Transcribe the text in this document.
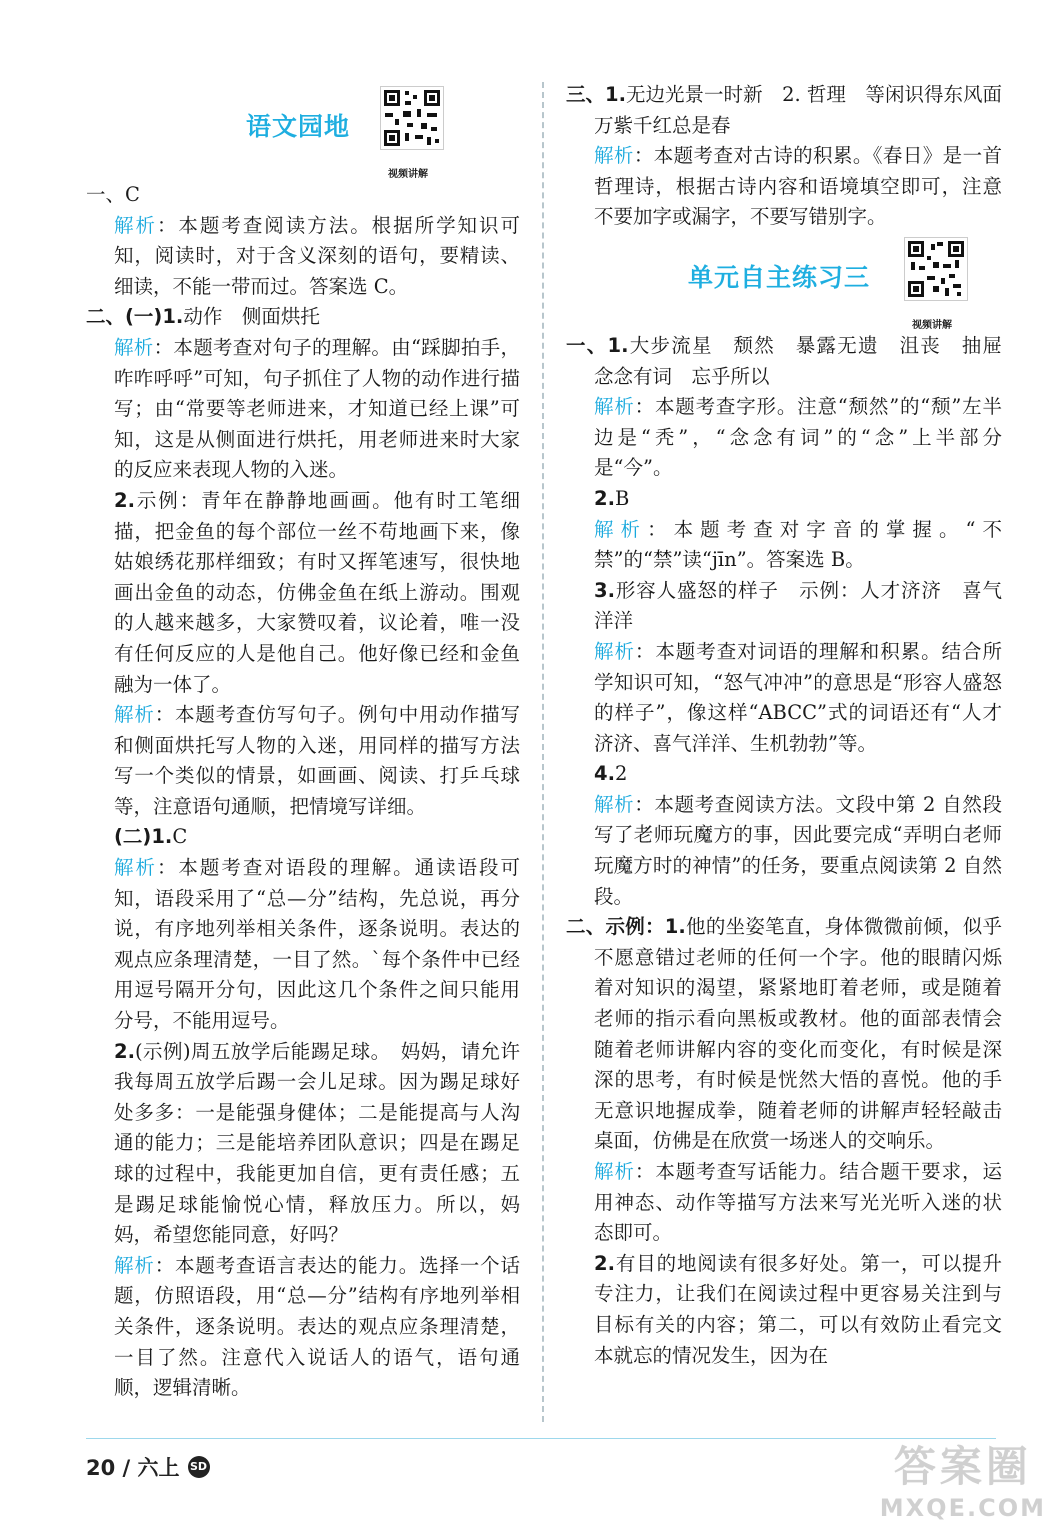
语文园地
视频讲解

一、C

解析：本题考查阅读方法。根据所学知识可知，阅读时，对于含义深刻的语句，要精读、细读，不能一带而过。答案选 C。

二、(一)1.动作　侧面烘托

解析：本题考查对句子的理解。由“踩脚拍手，咋咋呼呼”可知，句子抓住了人物的动作进行描写；由“常要等老师进来，才知道已经上课”可知，这是从侧面进行烘托，用老师进来时大家的反应来表现人物的入迷。

2.示例：青年在静静地画画。他有时工笔细描，把金鱼的每个部位一丝不苟地画下来，像姑娘绣花那样细致；有时又挥笔速写，很快地画出金鱼的动态，仿佛金鱼在纸上游动。围观的人越来越多，大家赞叹着，议论着，唯一没有任何反应的人是他自己。他好像已经和金鱼融为一体了。

解析：本题考查仿写句子。例句中用动作描写和侧面烘托写人物的入迷，用同样的描写方法写一个类似的情景，如画画、阅读、打乒乓球等，注意语句通顺，把情境写详细。

(二)1.C

解析：本题考查对语段的理解。通读语段可知，语段采用了“总—分”结构，先总说，再分说，有序地列举相关条件，逐条说明。表达的观点应条理清楚，一目了然。`每个条件中已经用逗号隔开分句，因此这几个条件之间只能用分号，不能用逗号。

2.(示例)周五放学后能踢足球。　妈妈，请允许我每周五放学后踢一会儿足球。因为踢足球好处多多：一是能强身健体；二是能提高与人沟通的能力；三是能培养团队意识；四是在踢足球的过程中，我能更加自信，更有责任感；五是踢足球能愉悦心情，释放压力。所以，妈妈，希望您能同意，好吗？

解析：本题考查语言表达的能力。选择一个话题，仿照语段，用“总—分”结构有序地列举相关条件，逐条说明。表达的观点应条理清楚，一目了然。注意代入说话人的语气，语句通顺，逻辑清晰。

三、1.无边光景一时新　2. 哲理　等闲识得东风面　万紫千红总是春

解析：本题考查对古诗的积累。《春日》是一首哲理诗，根据古诗内容和语境填空即可，注意不要加字或漏字，不要写错别字。

单元自主练习三
视频讲解

一、1.大步流星　颓然　暴露无遗　沮丧　抽屉　念念有词　忘乎所以

解析：本题考查字形。注意“颓然”的“颓”左半边是“秃”，“念念有词”的“念”上半部分是“今”。

2.B

解析：本题考查对字音的掌握。“不禁”的“禁”读“jīn”。答案选 B。

3.形容人盛怒的样子　示例：人才济济　喜气洋洋

解析：本题考查对词语的理解和积累。结合所学知识可知，“怒气冲冲”的意思是“形容人盛怒的样子”，像这样“ABCC”式的词语还有“人才济济、喜气洋洋、生机勃勃”等。

4.2

解析：本题考查阅读方法。文段中第 2 自然段写了老师玩魔方的事，因此要完成“弄明白老师玩魔方时的神情”的任务，要重点阅读第 2 自然段。

二、示例：1.他的坐姿笔直，身体微微前倾，似乎不愿意错过老师的任何一个字。他的眼睛闪烁着对知识的渴望，紧紧地盯着老师，或是随着老师的指示看向黑板或教材。他的面部表情会随着老师讲解内容的变化而变化，有时候是深深的思考，有时候是恍然大悟的喜悦。他的手无意识地握成拳，随着老师的讲解声轻轻敲击桌面，仿佛是在欣赏一场迷人的交响乐。

解析：本题考查写话能力。结合题干要求，运用神态、动作等描写方法来写光光听入迷的状态即可。

2.有目的地阅读有很多好处。第一，可以提升专注力，让我们在阅读过程中更容易关注到与目标有关的内容；第二，可以有效防止看完文本就忘的情况发生，因为在

20 / 六上 SD	答案圈
MXQE.COM
